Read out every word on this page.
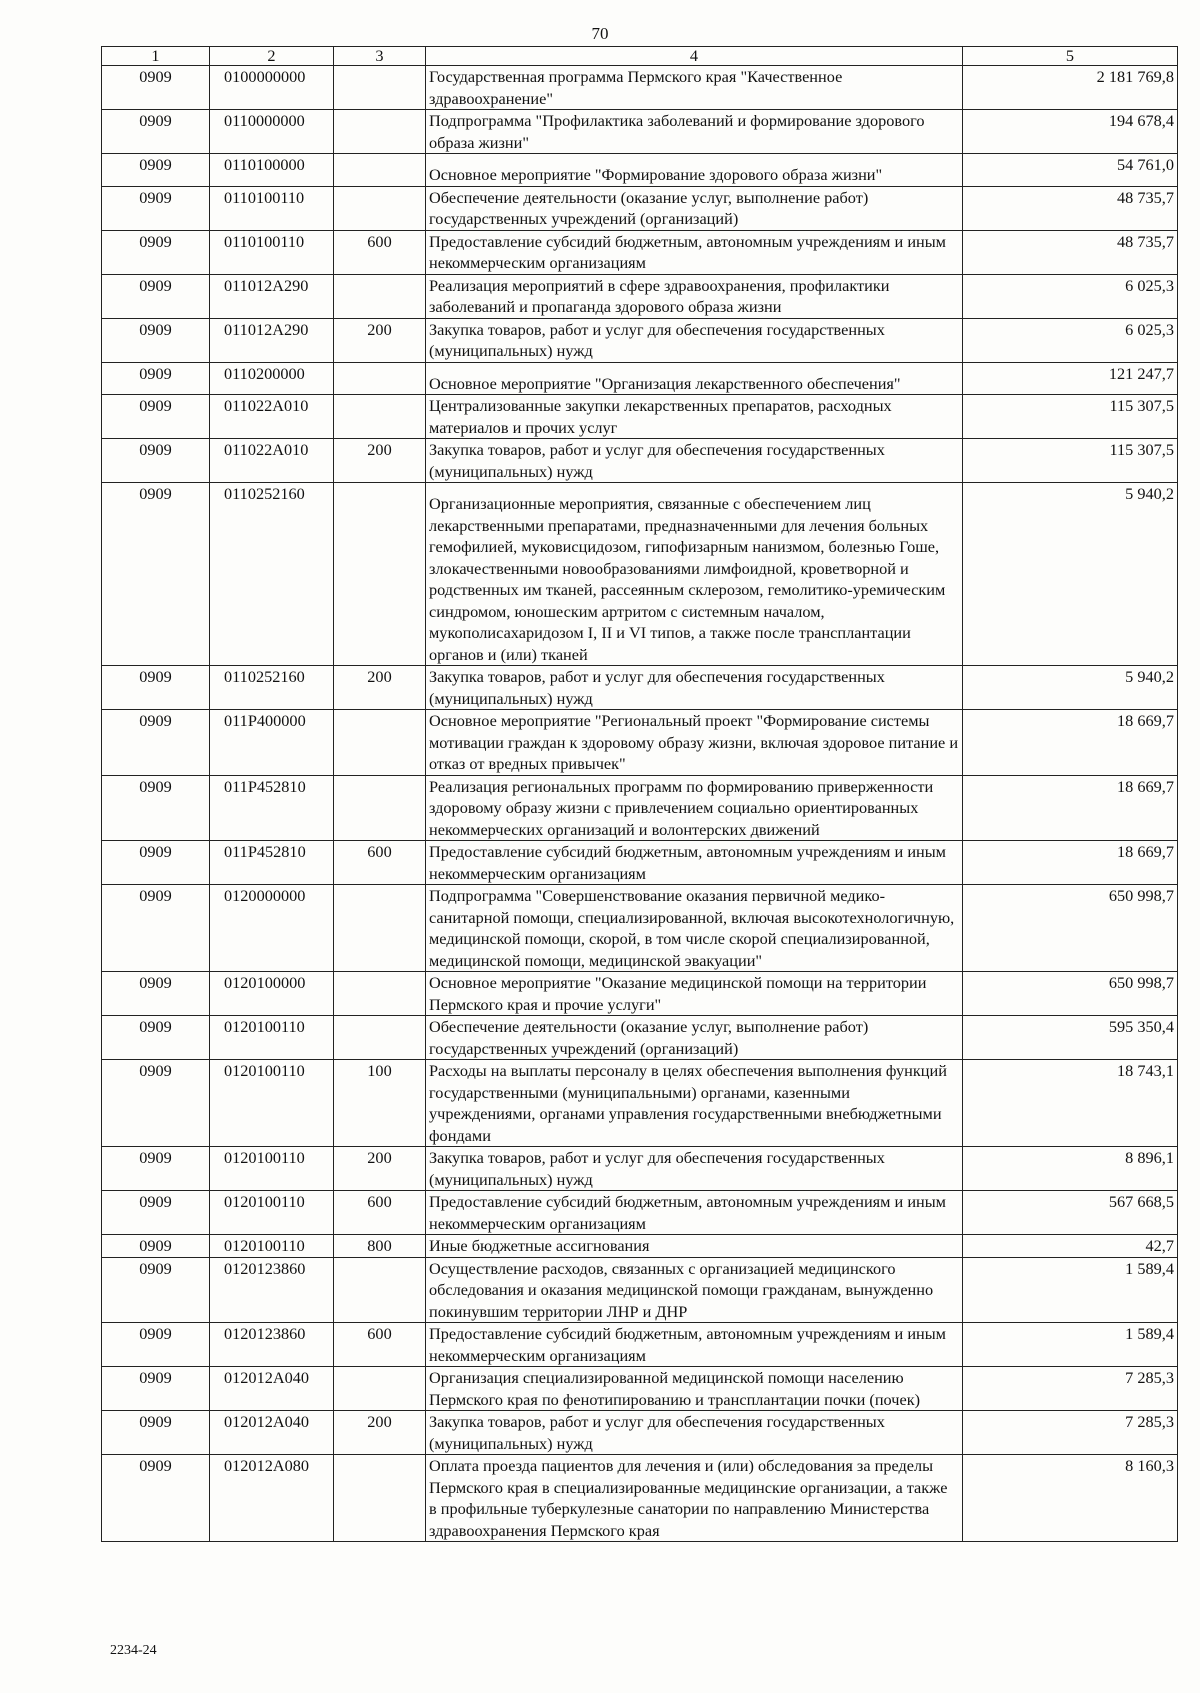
70
1	2	3	4	5
0909	0100000000		Государственная программа Пермского края "Качественное здравоохранение"	2 181 769,8
0909	0110000000		Подпрограмма "Профилактика заболеваний и формирование здорового образа жизни"	194 678,4
0909	0110100000		Основное мероприятие "Формирование здорового образа жизни"	54 761,0
0909	0110100110		Обеспечение деятельности (оказание услуг, выполнение работ) государственных учреждений (организаций)	48 735,7
0909	0110100110	600	Предоставление субсидий бюджетным, автономным учреждениям и иным некоммерческим организациям	48 735,7
0909	011012А290		Реализация мероприятий в сфере здравоохранения, профилактики заболеваний и пропаганда здорового образа жизни	6 025,3
0909	011012А290	200	Закупка товаров, работ и услуг для обеспечения государственных (муниципальных) нужд	6 025,3
0909	0110200000		Основное мероприятие "Организация лекарственного обеспечения"	121 247,7
0909	011022А010		Централизованные закупки лекарственных препаратов, расходных материалов и прочих услуг	115 307,5
0909	011022А010	200	Закупка товаров, работ и услуг для обеспечения государственных (муниципальных) нужд	115 307,5
0909	0110252160		Организационные мероприятия, связанные с обеспечением лиц лекарственными препаратами, предназначенными для лечения больных гемофилией, муковисцидозом, гипофизарным нанизмом, болезнью Гоше, злокачественными новообразованиями лимфоидной, кроветворной и родственных им тканей, рассеянным склерозом, гемолитико-уремическим синдромом, юношеским артритом с системным началом, мукополисахаридозом I, II и VI типов, а также после трансплантации органов и (или) тканей	5 940,2
0909	0110252160	200	Закупка товаров, работ и услуг для обеспечения государственных (муниципальных) нужд	5 940,2
0909	011P400000		Основное мероприятие "Региональный проект "Формирование системы мотивации граждан к здоровому образу жизни, включая здоровое питание и отказ от вредных привычек"	18 669,7
0909	011P452810		Реализация региональных программ по формированию приверженности здоровому образу жизни с привлечением социально ориентированных некоммерческих организаций и волонтерских движений	18 669,7
0909	011P452810	600	Предоставление субсидий бюджетным, автономным учреждениям и иным некоммерческим организациям	18 669,7
0909	0120000000		Подпрограмма "Совершенствование оказания первичной медико-санитарной помощи, специализированной, включая высокотехнологичную, медицинской помощи, скорой, в том числе скорой специализированной, медицинской помощи, медицинской эвакуации"	650 998,7
0909	0120100000		Основное мероприятие "Оказание медицинской помощи на территории Пермского края и прочие услуги"	650 998,7
0909	0120100110		Обеспечение деятельности (оказание услуг, выполнение работ) государственных учреждений (организаций)	595 350,4
0909	0120100110	100	Расходы на выплаты персоналу в целях обеспечения выполнения функций государственными (муниципальными) органами, казенными учреждениями, органами управления государственными внебюджетными фондами	18 743,1
0909	0120100110	200	Закупка товаров, работ и услуг для обеспечения государственных (муниципальных) нужд	8 896,1
0909	0120100110	600	Предоставление субсидий бюджетным, автономным учреждениям и иным некоммерческим организациям	567 668,5
0909	0120100110	800	Иные бюджетные ассигнования	42,7
0909	0120123860		Осуществление расходов, связанных с организацией медицинского обследования и оказания медицинской помощи гражданам, вынужденно покинувшим территории ЛНР и ДНР	1 589,4
0909	0120123860	600	Предоставление субсидий бюджетным, автономным учреждениям и иным некоммерческим организациям	1 589,4
0909	012012А040		Организация специализированной медицинской помощи населению Пермского края по фенотипированию и трансплантации почки (почек)	7 285,3
0909	012012А040	200	Закупка товаров, работ и услуг для обеспечения государственных (муниципальных) нужд	7 285,3
0909	012012А080		Оплата проезда пациентов для лечения и (или) обследования за пределы Пермского края в специализированные медицинские организации, а также в профильные туберкулезные санатории по направлению Министерства здравоохранения Пермского края	8 160,3
2234-24
